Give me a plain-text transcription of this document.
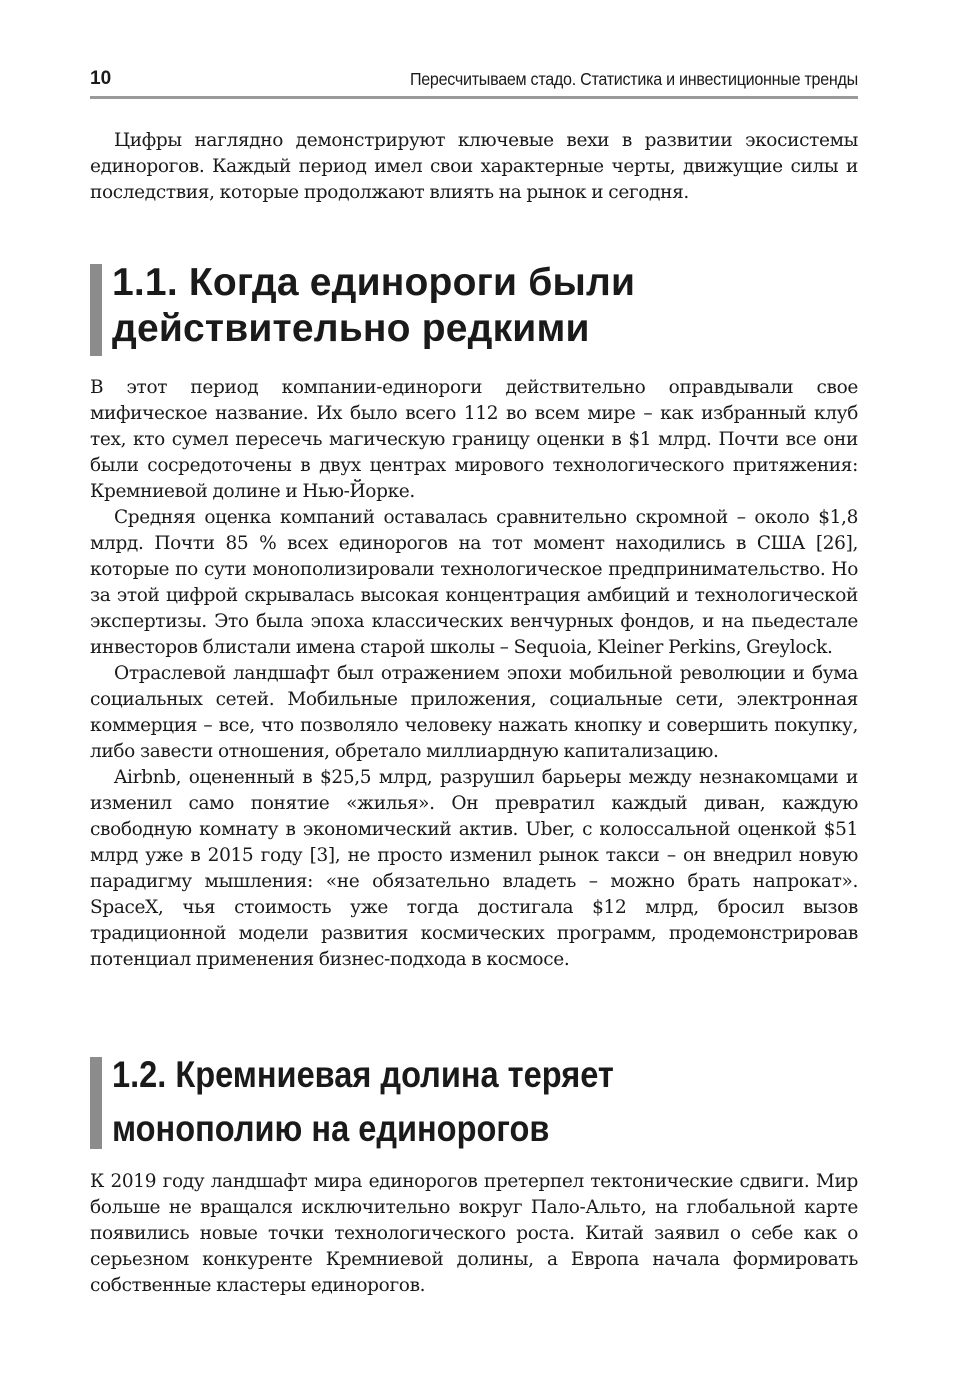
10	Пересчитываем стадо. Статистика и инвестиционные тренды

Цифры наглядно демонстрируют ключевые вехи в развитии экосистемы единорогов. Каждый период имел свои характерные черты, движущие силы и последствия, которые продолжают влиять на рынок и сегодня.

1.1. Когда единороги были
действительно редкими

В этот период компании-единороги действительно оправдывали свое мифическое название. Их было всего 112 во всем мире – как избранный клуб тех, кто сумел пересечь магическую границу оценки в $1 млрд. Почти все они были сосредоточены в двух центрах мирового технологического притяжения: Кремниевой долине и Нью-Йорке.

Средняя оценка компаний оставалась сравнительно скромной – около $1,8 млрд. Почти 85 % всех единорогов на тот момент находились в США [26], которые по сути монополизировали технологическое предпринимательство. Но за этой цифрой скрывалась высокая концентрация амбиций и технологической экспертизы. Это была эпоха классических венчурных фондов, и на пьедестале инвесторов блистали имена старой школы – Sequoia, Kleiner Perkins, Greylock.

Отраслевой ландшафт был отражением эпохи мобильной революции и бума социальных сетей. Мобильные приложения, социальные сети, электронная коммерция – все, что позволяло человеку нажать кнопку и совершить покупку, либо завести отношения, обретало миллиардную капитализацию.

Airbnb, оцененный в $25,5 млрд, разрушил барьеры между незнакомцами и изменил само понятие «жилья». Он превратил каждый диван, каждую свободную комнату в экономический актив. Uber, с колоссальной оценкой $51 млрд уже в 2015 году [3], не просто изменил рынок такси – он внедрил новую парадигму мышления: «не обязательно владеть – можно брать напрокат». SpaceX, чья стоимость уже тогда достигала $12 млрд, бросил вызов традиционной модели развития космических программ, продемонстрировав потенциал применения бизнес-подхода в космосе.

1.2. Кремниевая долина теряет
монополию на единорогов

К 2019 году ландшафт мира единорогов претерпел тектонические сдвиги. Мир больше не вращался исключительно вокруг Пало-Альто, на глобальной карте появились новые точки технологического роста. Китай заявил о себе как о серьезном конкуренте Кремниевой долины, а Европа начала формировать собственные кластеры единорогов.
